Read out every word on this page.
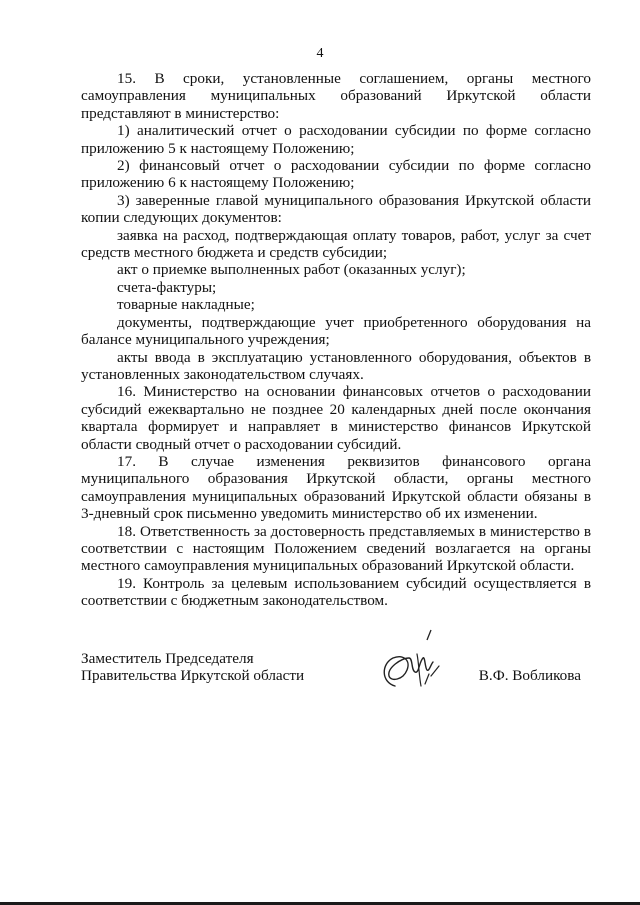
4

15. В сроки, установленные соглашением, органы местного самоуправления муниципальных образований Иркутской области представляют в министерство:

1) аналитический отчет о расходовании субсидии по форме согласно приложению 5 к настоящему Положению;

2) финансовый отчет о расходовании субсидии по форме согласно приложению 6 к настоящему Положению;

3) заверенные главой муниципального образования Иркутской области копии следующих документов:

заявка на расход, подтверждающая оплату товаров, работ, услуг за счет средств местного бюджета и средств субсидии;

акт о приемке выполненных работ (оказанных услуг);

счета-фактуры;

товарные накладные;

документы, подтверждающие учет приобретенного оборудования на балансе муниципального учреждения;

акты ввода в эксплуатацию установленного оборудования, объектов в установленных законодательством случаях.

16. Министерство на основании финансовых отчетов о расходовании субсидий ежеквартально не позднее 20 календарных дней после окончания квартала формирует и направляет в министерство финансов Иркутской области сводный отчет о расходовании субсидий.

17. В случае изменения реквизитов финансового органа муниципального образования Иркутской области, органы местного самоуправления муниципальных образований Иркутской области обязаны в 3-дневный срок письменно уведомить министерство об их изменении.

18. Ответственность за достоверность представляемых в министерство в соответствии с настоящим Положением сведений возлагается на органы местного самоуправления муниципальных образований Иркутской области.

19. Контроль за целевым использованием субсидий осуществляется в соответствии с бюджетным законодательством.

Заместитель Председателя
Правительства Иркутской области	В.Ф. Вобликова
